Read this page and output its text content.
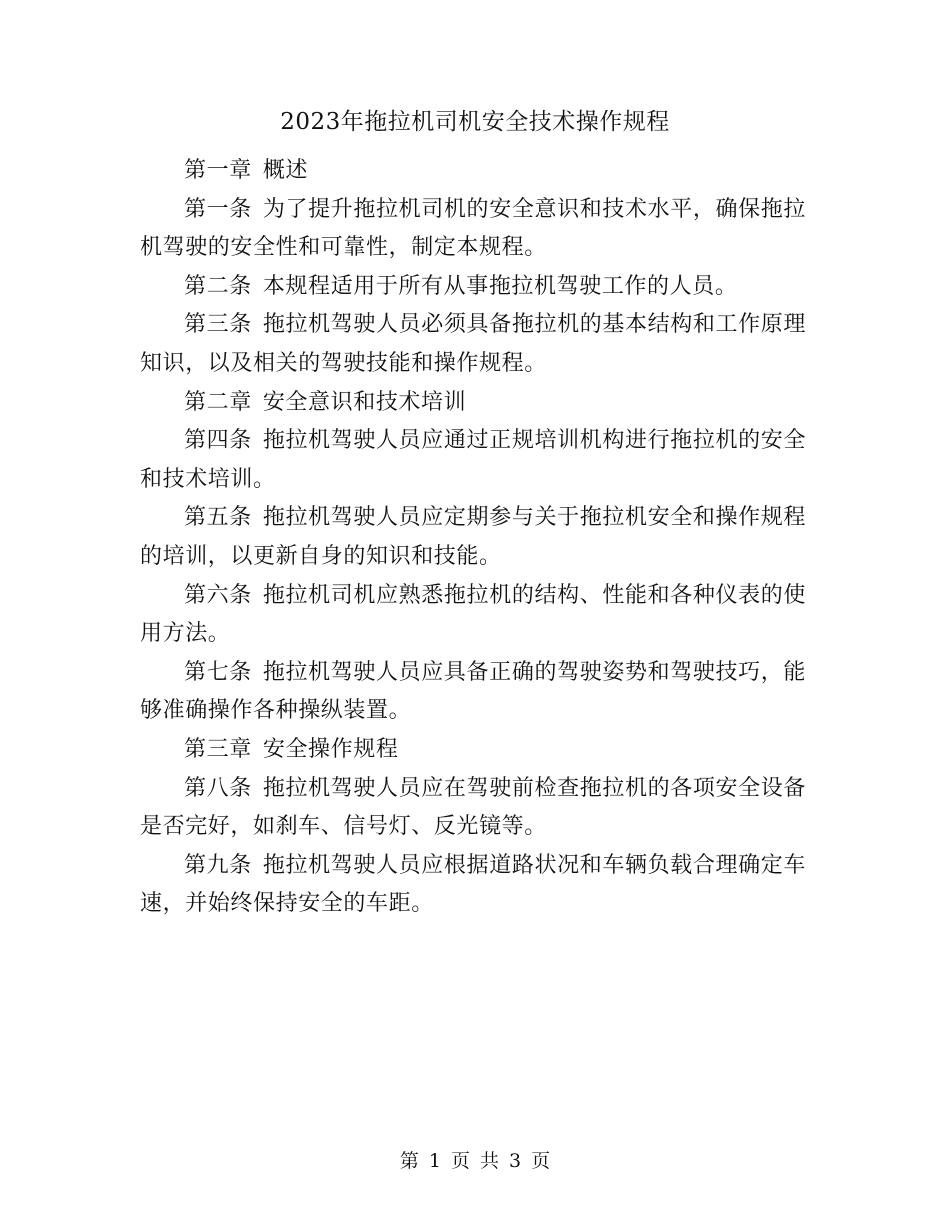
2023年拖拉机司机安全技术操作规程

第一章 概述

第一条 为了提升拖拉机司机的安全意识和技术水平，确保拖拉机驾驶的安全性和可靠性，制定本规程。

第二条 本规程适用于所有从事拖拉机驾驶工作的人员。

第三条 拖拉机驾驶人员必须具备拖拉机的基本结构和工作原理知识，以及相关的驾驶技能和操作规程。

第二章 安全意识和技术培训

第四条 拖拉机驾驶人员应通过正规培训机构进行拖拉机的安全和技术培训。

第五条 拖拉机驾驶人员应定期参与关于拖拉机安全和操作规程的培训，以更新自身的知识和技能。

第六条 拖拉机司机应熟悉拖拉机的结构、性能和各种仪表的使用方法。

第七条 拖拉机驾驶人员应具备正确的驾驶姿势和驾驶技巧，能够准确操作各种操纵装置。

第三章 安全操作规程

第八条 拖拉机驾驶人员应在驾驶前检查拖拉机的各项安全设备是否完好，如刹车、信号灯、反光镜等。

第九条 拖拉机驾驶人员应根据道路状况和车辆负载合理确定车速，并始终保持安全的车距。

第 1 页 共 3 页
